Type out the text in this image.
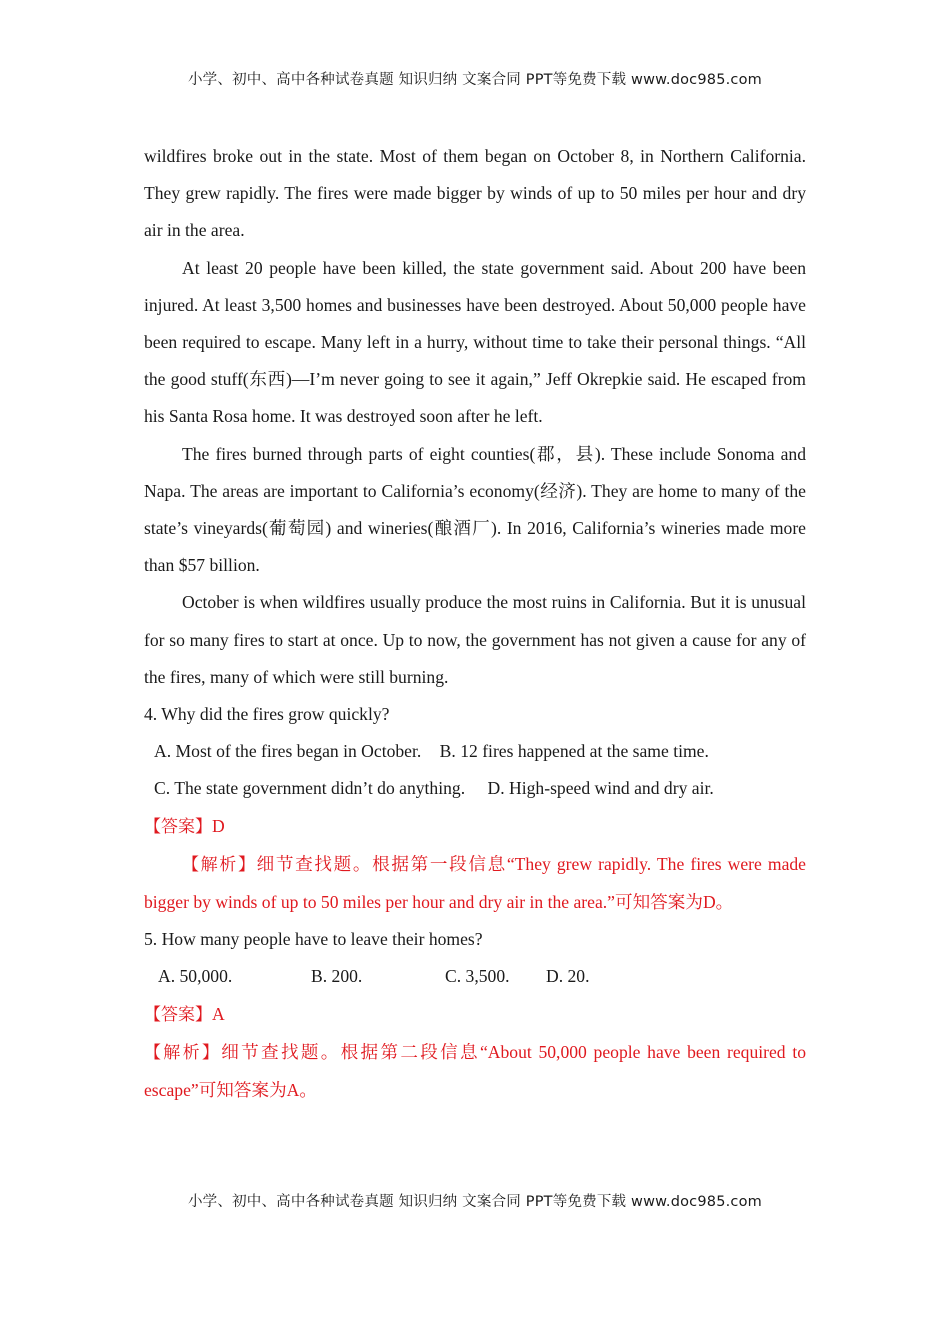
小学、初中、高中各种试卷真题 知识归纳 文案合同 PPT等免费下载 www.doc985.com

wildfires broke out in the state. Most of them began on October 8, in Northern California. They grew rapidly. The fires were made bigger by winds of up to 50 miles per hour and dry air in the area.

At least 20 people have been killed, the state government said. About 200 have been injured. At least 3,500 homes and businesses have been destroyed. About 50,000 people have been required to escape. Many left in a hurry, without time to take their personal things. “All the good stuff(东西)—I’m never going to see it again,” Jeff Okrepkie said. He escaped from his Santa Rosa home. It was destroyed soon after he left.

The fires burned through parts of eight counties(郡，县). These include Sonoma and Napa. The areas are important to California’s economy(经济). They are home to many of the state’s vineyards(葡萄园) and wineries(酿酒厂). In 2016, California’s wineries made more than $57 billion.

October is when wildfires usually produce the most ruins in California. But it is unusual for so many fires to start at once. Up to now, the government has not given a cause for any of the fires, many of which were still burning.

4. Why did the fires grow quickly?

A. Most of the fires began in October. B. 12 fires happened at the same time.

C. The state government didn’t do anything. D. High-speed wind and dry air.

【答案】D

【解析】细节查找题。根据第一段信息“They grew rapidly. The fires were made bigger by winds of up to 50 miles per hour and dry air in the area.”可知答案为D。

5. How many people have to leave their homes?

A. 50,000.	B. 200.	C. 3,500. D. 20.

【答案】A

【解析】细节查找题。根据第二段信息“About 50,000 people have been required to escape”可知答案为A。

小学、初中、高中各种试卷真题 知识归纳 文案合同 PPT等免费下载 www.doc985.com
